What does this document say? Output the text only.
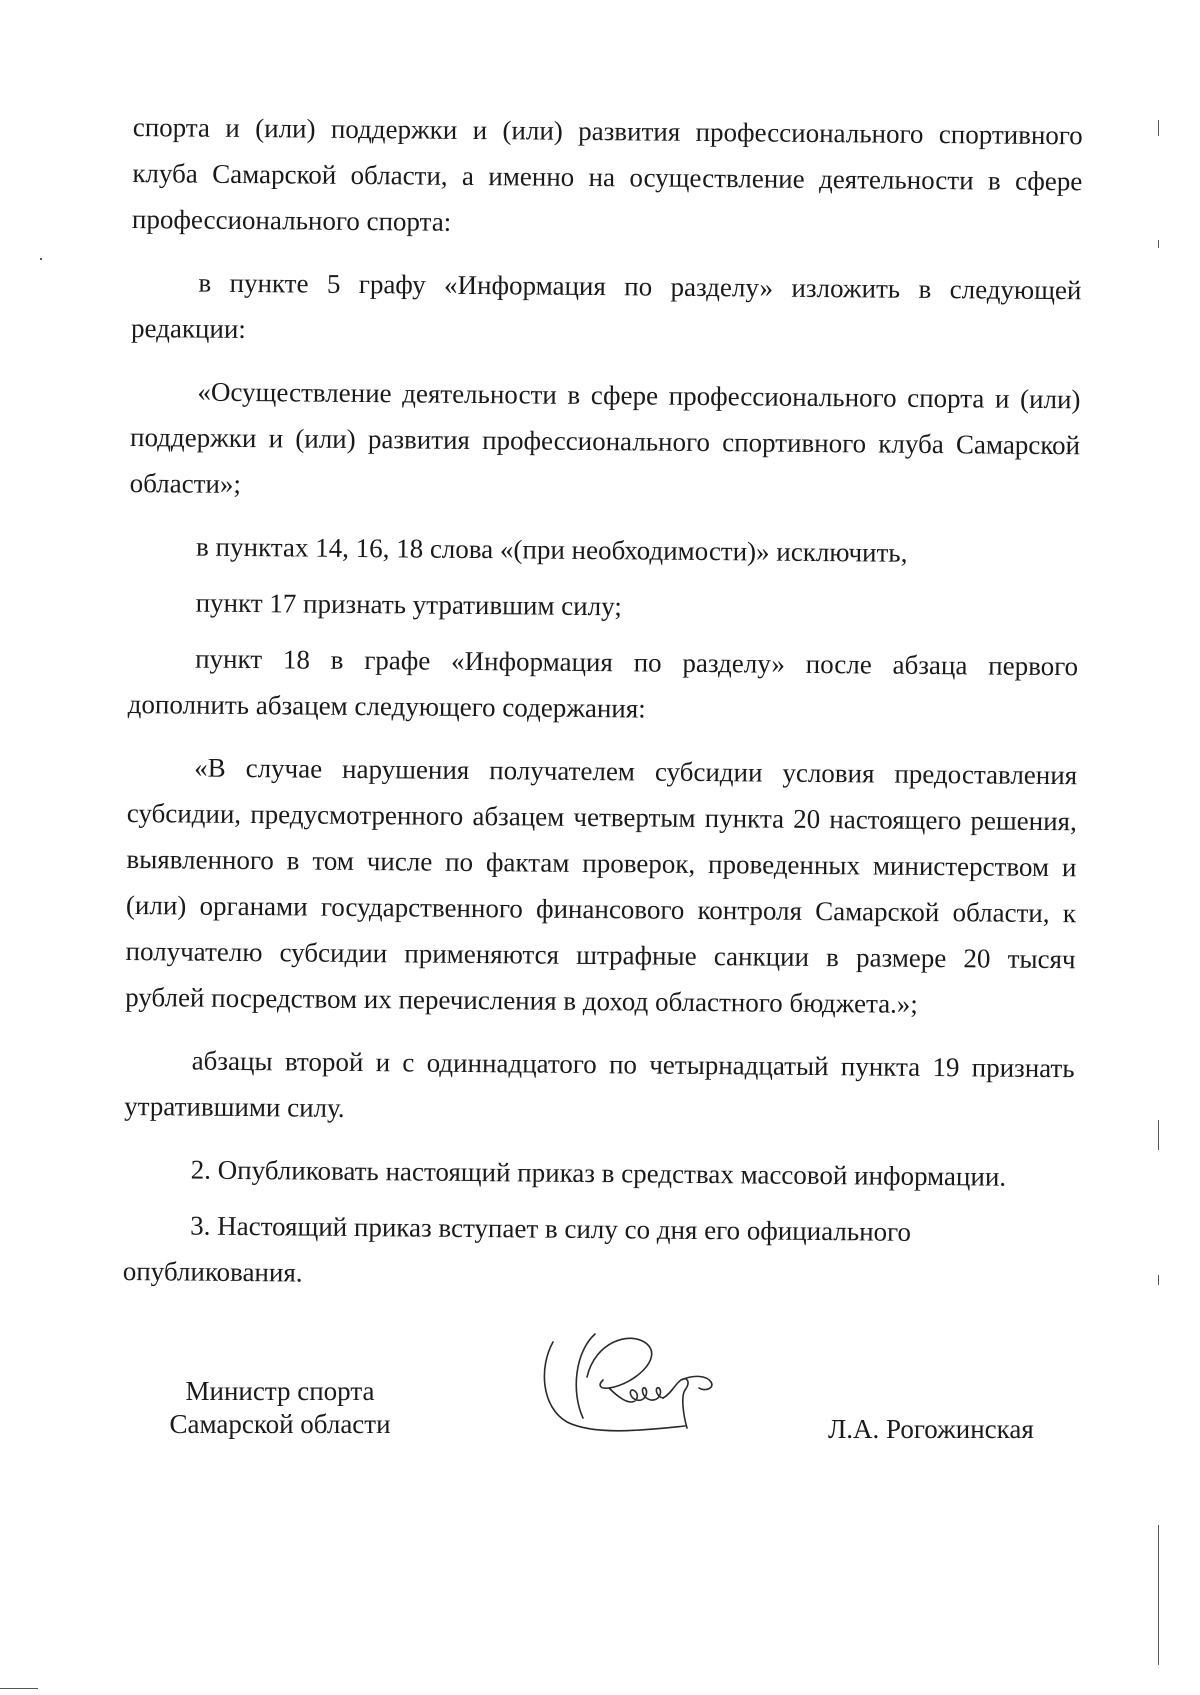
спорта и (или) поддержки и (или) развития профессионального спортивного клуба Самарской области, а именно на осуществление деятельности в сфере профессионального спорта:

в пункте 5 графу «Информация по разделу» изложить в следующей редакции:

«Осуществление деятельности в сфере профессионального спорта и (или) поддержки и (или) развития профессионального спортивного клуба Самарской области»;

в пунктах 14, 16, 18 слова «(при необходимости)» исключить,

пункт 17 признать утратившим силу;

пункт 18 в графе «Информация по разделу» после абзаца первого дополнить абзацем следующего содержания:

«В случае нарушения получателем субсидии условия предоставления субсидии, предусмотренного абзацем четвертым пункта 20 настоящего решения, выявленного в том числе по фактам проверок, проведенных министерством и (или) органами государственного финансового контроля Самарской области, к получателю субсидии применяются штрафные санкции в размере 20 тысяч рублей посредством их перечисления в доход областного бюджета.»;

абзацы второй и с одиннадцатого по четырнадцатый пункта 19 признать утратившими силу.

2. Опубликовать настоящий приказ в средствах массовой информации.

3. Настоящий приказ вступает в силу со дня его официального опубликования.

Министр спорта
Самарской области	Л.А. Рогожинская
